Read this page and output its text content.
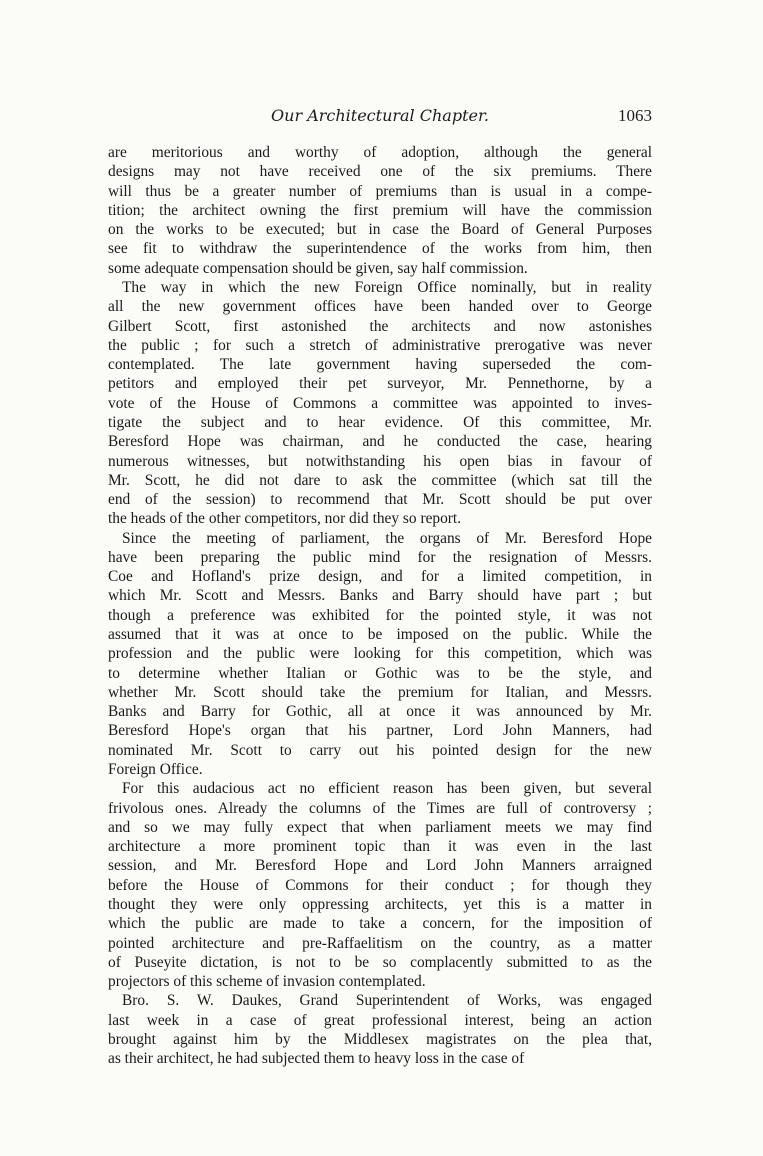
Our Architectural Chapter.	1063
are meritorious and worthy of adoption, although the general
designs may not have received one of the six premiums. There
will thus be a greater number of premiums than is usual in a compe-
tition; the architect owning the first premium will have the commission
on the works to be executed; but in case the Board of General Purposes
see fit to withdraw the superintendence of the works from him, then
some adequate compensation should be given, say half commission.
The way in which the new Foreign Office nominally, but in reality
all the new government offices have been handed over to George
Gilbert Scott, first astonished the architects and now astonishes
the public ; for such a stretch of administrative prerogative was never
contemplated. The late government having superseded the com-
petitors and employed their pet surveyor, Mr. Pennethorne, by a
vote of the House of Commons a committee was appointed to inves-
tigate the subject and to hear evidence. Of this committee, Mr.
Beresford Hope was chairman, and he conducted the case, hearing
numerous witnesses, but notwithstanding his open bias in favour of
Mr. Scott, he did not dare to ask the committee (which sat till the
end of the session) to recommend that Mr. Scott should be put over
the heads of the other competitors, nor did they so report.
Since the meeting of parliament, the organs of Mr. Beresford Hope
have been preparing the public mind for the resignation of Messrs.
Coe and Hofland's prize design, and for a limited competition, in
which Mr. Scott and Messrs. Banks and Barry should have part ; but
though a preference was exhibited for the pointed style, it was not
assumed that it was at once to be imposed on the public. While the
profession and the public were looking for this competition, which was
to determine whether Italian or Gothic was to be the style, and
whether Mr. Scott should take the premium for Italian, and Messrs.
Banks and Barry for Gothic, all at once it was announced by Mr.
Beresford Hope's organ that his partner, Lord John Manners, had
nominated Mr. Scott to carry out his pointed design for the new
Foreign Office.
For this audacious act no efficient reason has been given, but several
frivolous ones. Already the columns of the Times are full of controversy ;
and so we may fully expect that when parliament meets we may find
architecture a more prominent topic than it was even in the last
session, and Mr. Beresford Hope and Lord John Manners arraigned
before the House of Commons for their conduct ; for though they
thought they were only oppressing architects, yet this is a matter in
which the public are made to take a concern, for the imposition of
pointed architecture and pre-Raffaelitism on the country, as a matter
of Puseyite dictation, is not to be so complacently submitted to as the
projectors of this scheme of invasion contemplated.
Bro. S. W. Daukes, Grand Superintendent of Works, was engaged
last week in a case of great professional interest, being an action
brought against him by the Middlesex magistrates on the plea that,
as their architect, he had subjected them to heavy loss in the case of
